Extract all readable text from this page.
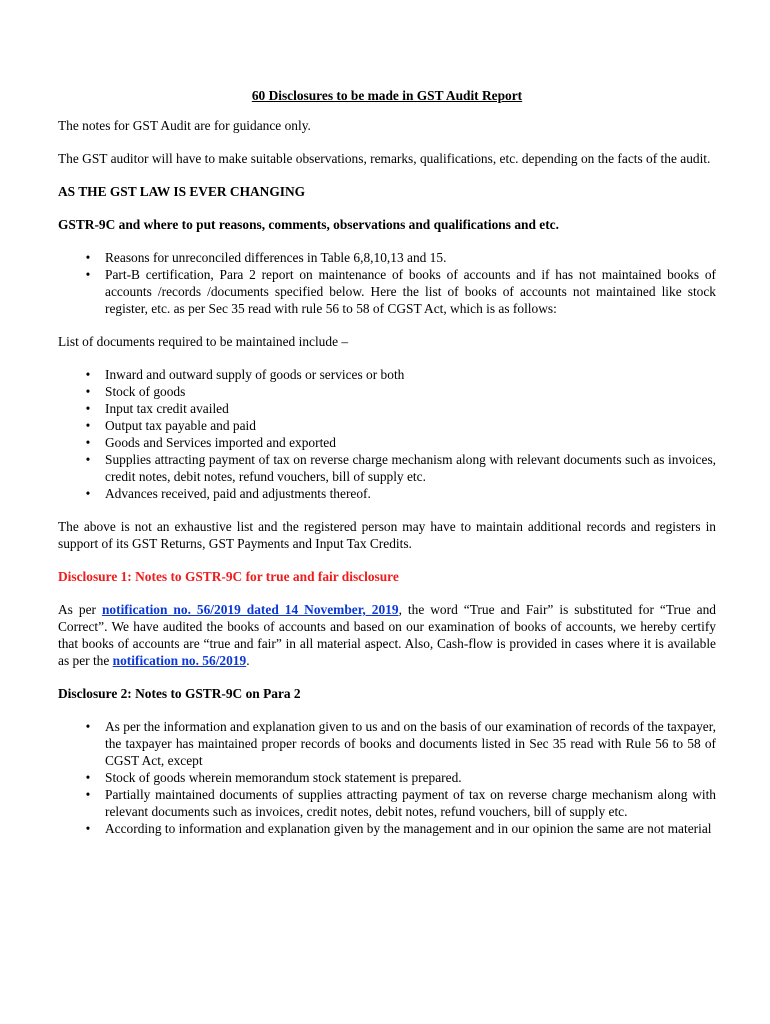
60 Disclosures to be made in GST Audit Report

The notes for GST Audit are for guidance only.

The GST auditor will have to make suitable observations, remarks, qualifications, etc. depending on the facts of the audit.

AS THE GST LAW IS EVER CHANGING
GSTR-9C and where to put reasons, comments, observations and qualifications and etc.
• Reasons for unreconciled differences in Table 6,8,10,13 and 15.
• Part-B certification, Para 2 report on maintenance of books of accounts and if has not maintained books of accounts /records /documents specified below. Here the list of books of accounts not maintained like stock register, etc. as per Sec 35 read with rule 56 to 58 of CGST Act, which is as follows:

List of documents required to be maintained include –

• Inward and outward supply of goods or services or both
• Stock of goods
• Input tax credit availed
• Output tax payable and paid
• Goods and Services imported and exported
• Supplies attracting payment of tax on reverse charge mechanism along with relevant documents such as invoices, credit notes, debit notes, refund vouchers, bill of supply etc.
• Advances received, paid and adjustments thereof.

The above is not an exhaustive list and the registered person may have to maintain additional records and registers in support of its GST Returns, GST Payments and Input Tax Credits.

Disclosure 1: Notes to GSTR-9C for true and fair disclosure

As per notification no. 56/2019 dated 14 November, 2019, the word “True and Fair” is substituted for “True and Correct”. We have audited the books of accounts and based on our examination of books of accounts, we hereby certify that books of accounts are “true and fair” in all material aspect. Also, Cash-flow is provided in cases where it is available as per the notification no. 56/2019.

Disclosure 2: Notes to GSTR-9C on Para 2
• As per the information and explanation given to us and on the basis of our examination of records of the taxpayer, the taxpayer has maintained proper records of books and documents listed in Sec 35 read with Rule 56 to 58 of CGST Act, except
• Stock of goods wherein memorandum stock statement is prepared.
• Partially maintained documents of supplies attracting payment of tax on reverse charge mechanism along with relevant documents such as invoices, credit notes, debit notes, refund vouchers, bill of supply etc.
• According to information and explanation given by the management and in our opinion the same are not material
